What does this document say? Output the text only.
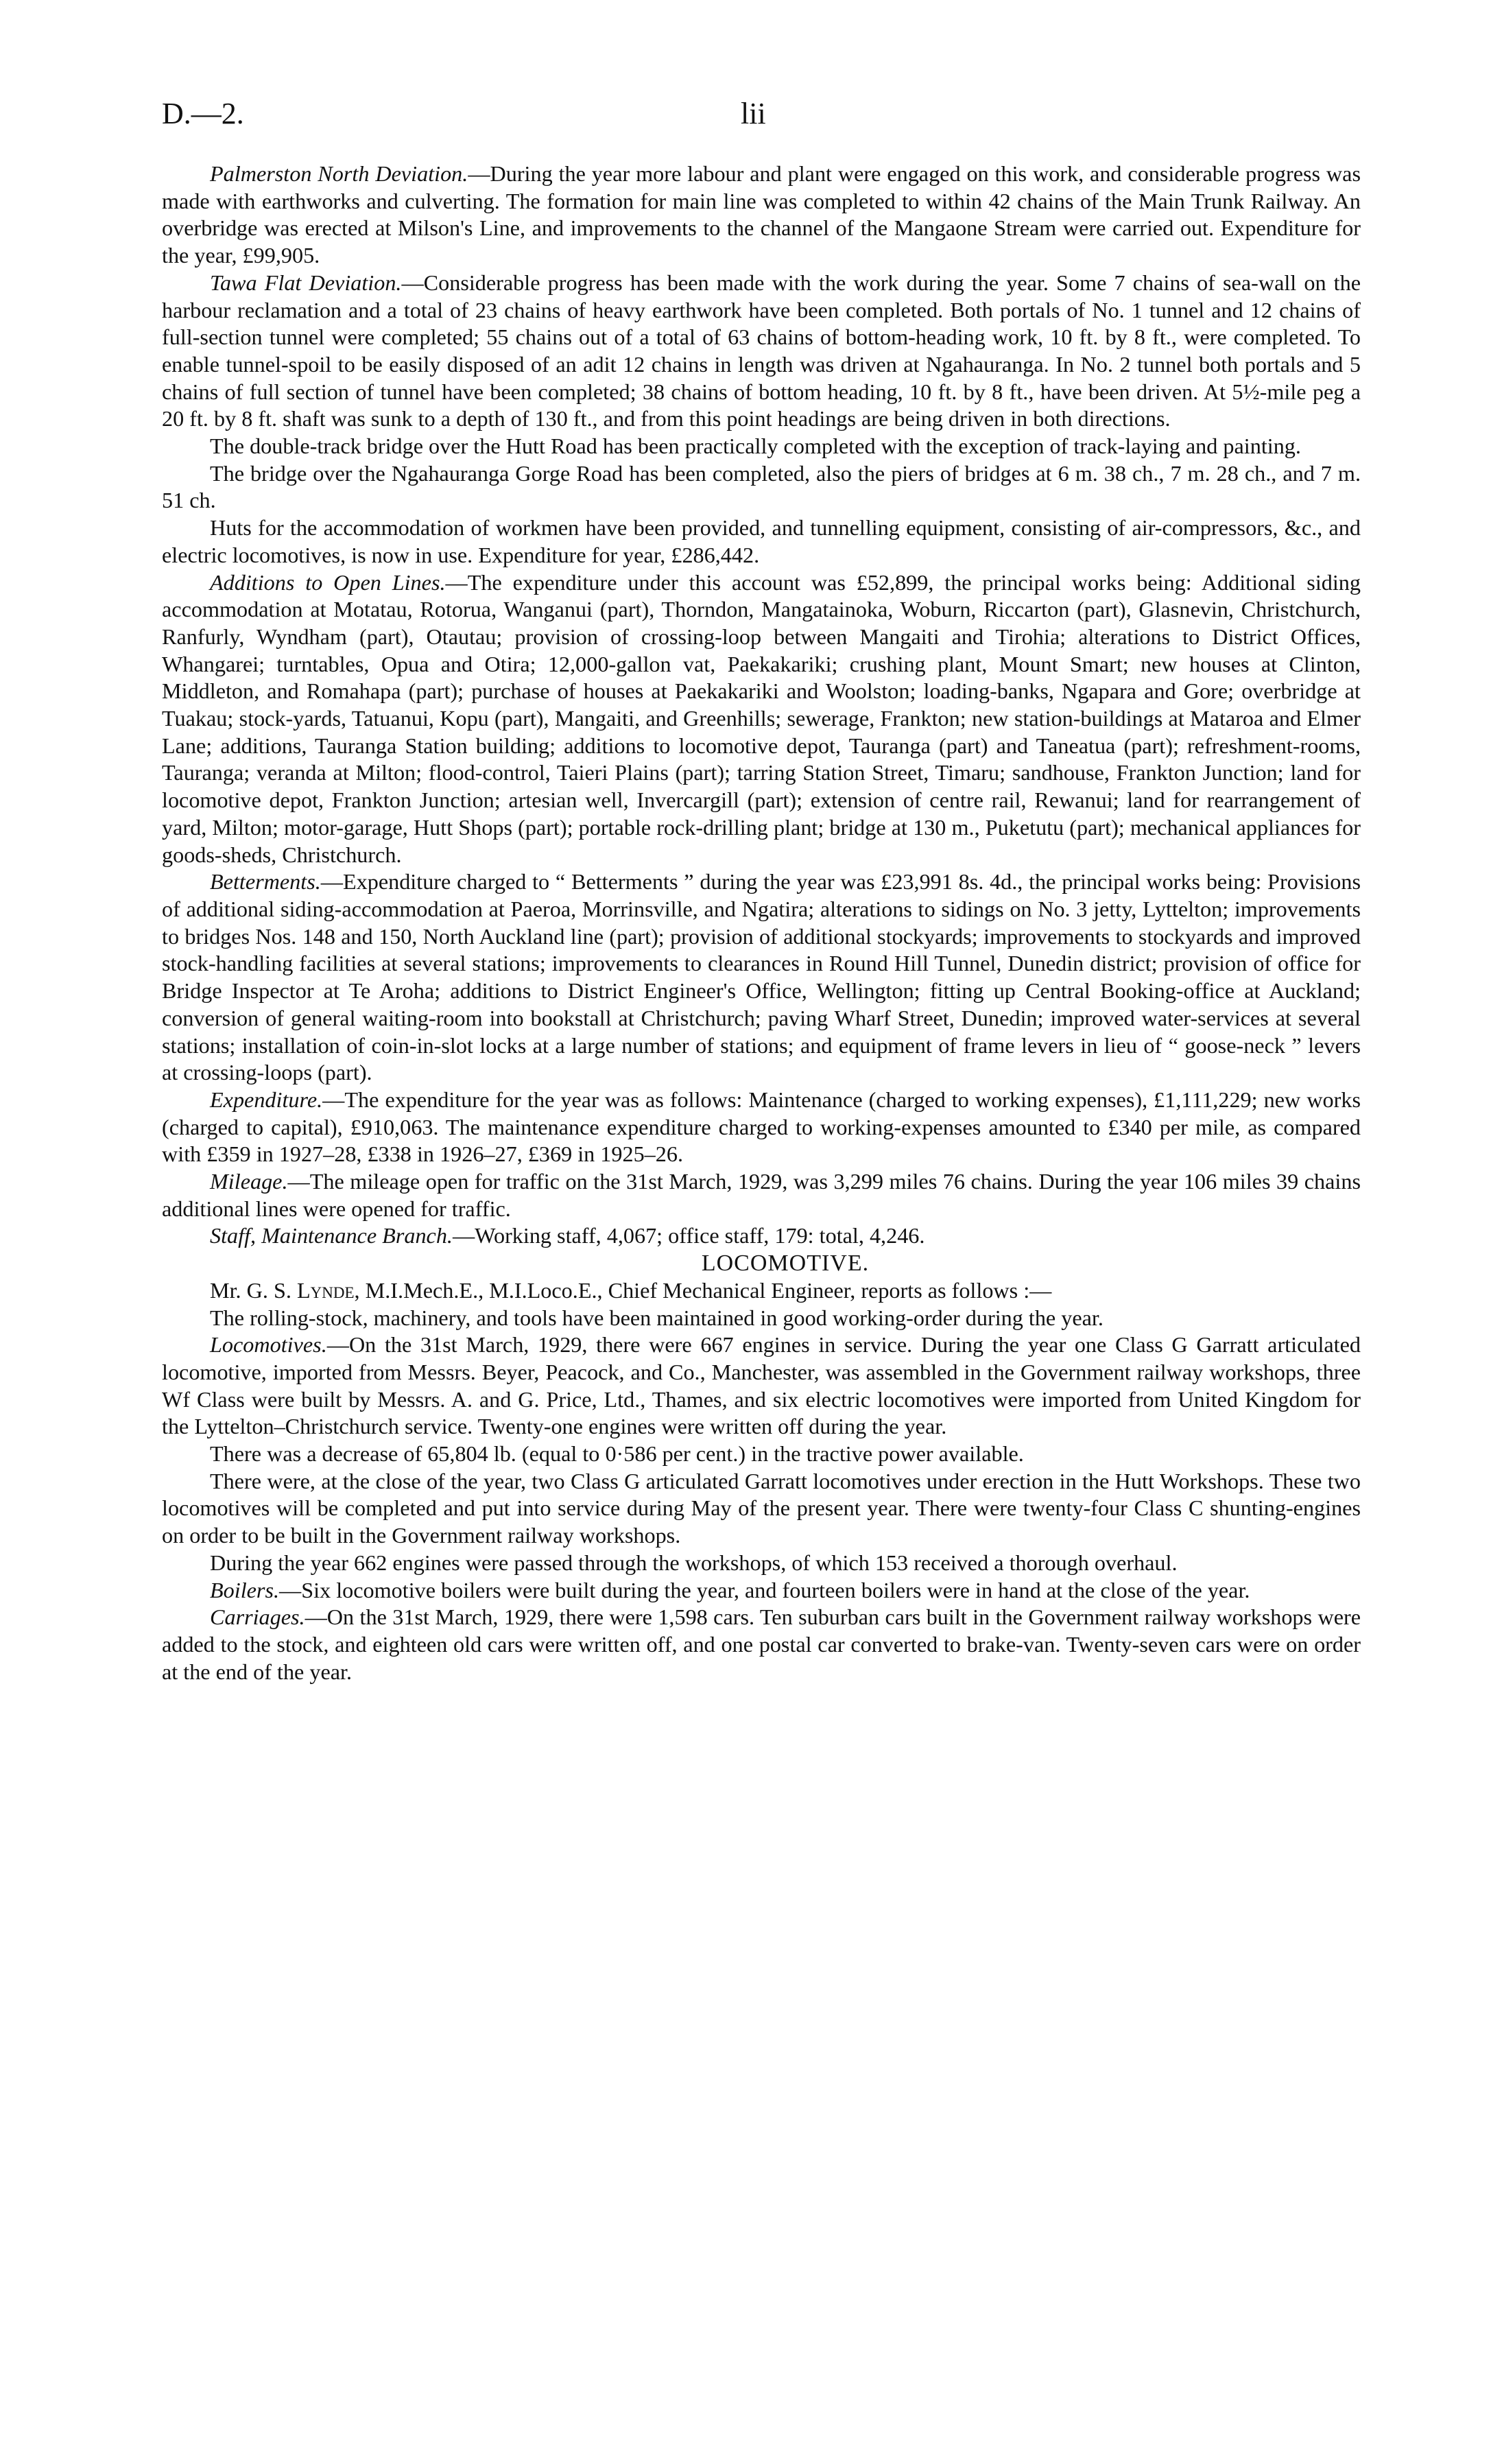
D.—2.	lii

Palmerston North Deviation.—During the year more labour and plant were engaged on this work, and considerable progress was made with earthworks and culverting. The formation for main line was completed to within 42 chains of the Main Trunk Railway. An overbridge was erected at Milson's Line, and improvements to the channel of the Mangaone Stream were carried out. Expenditure for the year, £99,905.

Tawa Flat Deviation.—Considerable progress has been made with the work during the year. Some 7 chains of sea-wall on the harbour reclamation and a total of 23 chains of heavy earthwork have been completed. Both portals of No. 1 tunnel and 12 chains of full-section tunnel were completed; 55 chains out of a total of 63 chains of bottom-heading work, 10 ft. by 8 ft., were completed. To enable tunnel-spoil to be easily disposed of an adit 12 chains in length was driven at Ngahauranga. In No. 2 tunnel both portals and 5 chains of full section of tunnel have been completed; 38 chains of bottom heading, 10 ft. by 8 ft., have been driven. At 5½-mile peg a 20 ft. by 8 ft. shaft was sunk to a depth of 130 ft., and from this point headings are being driven in both directions.

The double-track bridge over the Hutt Road has been practically completed with the exception of track-laying and painting.

The bridge over the Ngahauranga Gorge Road has been completed, also the piers of bridges at 6 m. 38 ch., 7 m. 28 ch., and 7 m. 51 ch.

Huts for the accommodation of workmen have been provided, and tunnelling equipment, consisting of air-compressors, &c., and electric locomotives, is now in use. Expenditure for year, £286,442.

Additions to Open Lines.—The expenditure under this account was £52,899, the principal works being: Additional siding accommodation at Motatau, Rotorua, Wanganui (part), Thorndon, Mangatainoka, Woburn, Riccarton (part), Glasnevin, Christchurch, Ranfurly, Wyndham (part), Otautau; provision of crossing-loop between Mangaiti and Tirohia; alterations to District Offices, Whangarei; turntables, Opua and Otira; 12,000-gallon vat, Paekakariki; crushing plant, Mount Smart; new houses at Clinton, Middleton, and Romahapa (part); purchase of houses at Paekakariki and Woolston; loading-banks, Ngapara and Gore; overbridge at Tuakau; stock-yards, Tatuanui, Kopu (part), Mangaiti, and Greenhills; sewerage, Frankton; new station-buildings at Mataroa and Elmer Lane; additions, Tauranga Station building; additions to locomotive depot, Tauranga (part) and Taneatua (part); refreshment-rooms, Tauranga; veranda at Milton; flood-control, Taieri Plains (part); tarring Station Street, Timaru; sandhouse, Frankton Junction; land for locomotive depot, Frankton Junction; artesian well, Invercargill (part); extension of centre rail, Rewanui; land for rearrangement of yard, Milton; motor-garage, Hutt Shops (part); portable rock-drilling plant; bridge at 130 m., Puketutu (part); mechanical appliances for goods-sheds, Christchurch.

Betterments.—Expenditure charged to “ Betterments ” during the year was £23,991 8s. 4d., the principal works being: Provisions of additional siding-accommodation at Paeroa, Morrinsville, and Ngatira; alterations to sidings on No. 3 jetty, Lyttelton; improvements to bridges Nos. 148 and 150, North Auckland line (part); provision of additional stockyards; improvements to stockyards and improved stock-handling facilities at several stations; improvements to clearances in Round Hill Tunnel, Dunedin district; provision of office for Bridge Inspector at Te Aroha; additions to District Engineer's Office, Wellington; fitting up Central Booking-office at Auckland; conversion of general waiting-room into bookstall at Christchurch; paving Wharf Street, Dunedin; improved water-services at several stations; installation of coin-in-slot locks at a large number of stations; and equipment of frame levers in lieu of “ goose-neck ” levers at crossing-loops (part).

Expenditure.—The expenditure for the year was as follows: Maintenance (charged to working expenses), £1,111,229; new works (charged to capital), £910,063. The maintenance expenditure charged to working-expenses amounted to £340 per mile, as compared with £359 in 1927–28, £338 in 1926–27, £369 in 1925–26.

Mileage.—The mileage open for traffic on the 31st March, 1929, was 3,299 miles 76 chains. During the year 106 miles 39 chains additional lines were opened for traffic.

Staff, Maintenance Branch.—Working staff, 4,067; office staff, 179: total, 4,246.

LOCOMOTIVE.

Mr. G. S. Lynde, M.I.Mech.E., M.I.Loco.E., Chief Mechanical Engineer, reports as follows :—

The rolling-stock, machinery, and tools have been maintained in good working-order during the year.

Locomotives.—On the 31st March, 1929, there were 667 engines in service. During the year one Class G Garratt articulated locomotive, imported from Messrs. Beyer, Peacock, and Co., Manchester, was assembled in the Government railway workshops, three Wf Class were built by Messrs. A. and G. Price, Ltd., Thames, and six electric locomotives were imported from United Kingdom for the Lyttelton–Christchurch service. Twenty-one engines were written off during the year.

There was a decrease of 65,804 lb. (equal to 0·586 per cent.) in the tractive power available.

There were, at the close of the year, two Class G articulated Garratt locomotives under erection in the Hutt Workshops. These two locomotives will be completed and put into service during May of the present year. There were twenty-four Class C shunting-engines on order to be built in the Government railway workshops.

During the year 662 engines were passed through the workshops, of which 153 received a thorough overhaul.

Boilers.—Six locomotive boilers were built during the year, and fourteen boilers were in hand at the close of the year.

Carriages.—On the 31st March, 1929, there were 1,598 cars. Ten suburban cars built in the Government railway workshops were added to the stock, and eighteen old cars were written off, and one postal car converted to brake-van. Twenty-seven cars were on order at the end of the year.
